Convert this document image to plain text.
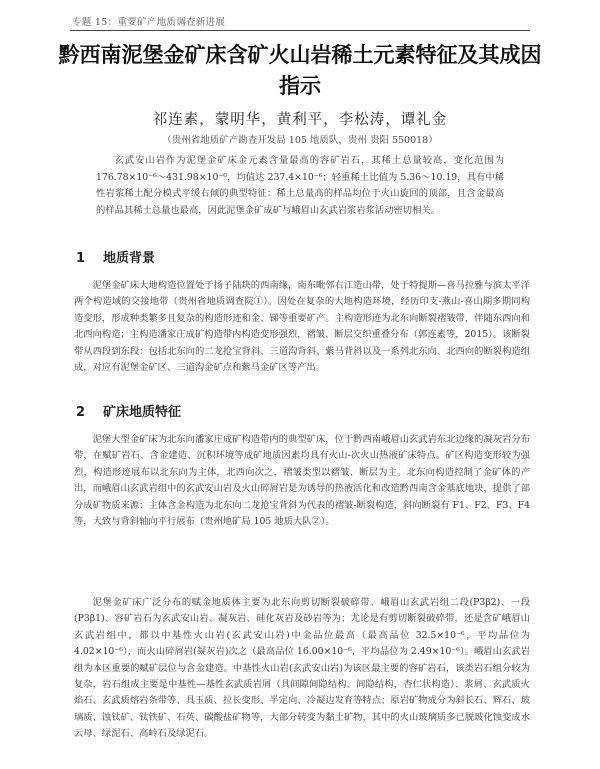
专题 15：重要矿产地质调查新进展
黔西南泥堡金矿床含矿火山岩稀土元素特征及其成因指示
祁连素，蒙明华，黄利平，李松涛，谭礼金
（贵州省地质矿产勘查开发局 105 地质队，贵州 贵阳 550018）
玄武安山岩作为泥堡金矿床金元素含量最高的容矿岩石，其稀土总量较高，变化范围为176.78×10⁻⁶～431.98×10⁻⁶，均值达 237.4×10⁻⁶；轻重稀土比值为 5.36～10.19，具有中稀性岩浆稀土配分模式平缓右倾的典型特征：稀土总量高的样品均位于火山旋回的顶部，且含金最高的样品其稀土总量也最高，因此泥堡金矿成矿与峨眉山玄武岩浆岩浆活动密切相关。
1 地质背景
泥堡金矿床大地构造位置处于扬子陆块的西南缘，南东毗邻右江造山带，处于特提斯—喜马拉雅与滨太平洋两个构造域的交接地带（贵州省地质调查院①）。因处在复杂的大地构造环境，经历印支-燕山-喜山期多期同构造变形，形成种类繁多且复杂的构造形迹和金、锑等重要矿产。主构造形迹为北东向断裂褶皱带，伴随东西向和北西向构造；主构造潘家庄成矿构造带内构造变形强烈，褶皱、断层交织重叠分布（郭连素等，2015）。该断裂带从西段到东段：包括北东向的二龙抢宝背斜、三道沟背斜、紫马背斜以及一系列北东向、北西向的断裂构造组成，对应有泥堡金矿区、三道沟金矿点和紫马金矿区等产出。
2 矿床地质特征
泥堡大型金矿床为北东向潘家庄成矿构造带内的典型矿床，位于黔西南峨眉山玄武岩东北边缘的凝灰岩分布带，在赋矿岩石、含金建造、沉积环境等成矿地质因素均具有火山-次火山热液矿床特点。矿区构造变形较为强烈，构造形迹展布以北东向为主体，北西向次之，褶皱类型以褶皱、断层为主。北东向构造控制了金矿体的产出，而峨眉山玄武岩组中的玄武安山岩及火山碎屑岩是为诱导的热液活化和改造黔西南含金基底地块，提供了部分成矿物质来源；主体含金构造为北东向二龙抢宝背斜为代表的褶皱-断裂构造，斜向断裂有 F1、F2、F3、F4 等，大致与背斜轴向平行展布（贵州地矿局 105 地质大队②）。
泥堡金矿床广泛分布的赋金地质体主要为北东向剪切断裂破碎带、峨眉山玄武岩组二段(P3β2)、一段(P3β1)、容矿岩石为玄武安山岩、凝灰岩、硅化灰岩及砂岩等为；尤论是有剪切断裂破碎带，还是含矿峨眉山玄武岩组中，都以中基性火山岩(玄武安山岩)中金品位最高（最高品位 32.5×10⁻⁶，平均品位为 4.02×10⁻⁶），而火山碎屑岩(凝灰岩)次之（最高品位 16.00×10⁻⁶，平均品位为 2.49×10⁻⁶）。峨眉山玄武岩组为本区重要的赋矿层位与含金建造。中基性火山岩(玄武安山岩)为该区最主要的容矿岩石，该类岩石组分较为复杂，岩石组成主要是中基性—基性玄武质岩屑（具间隙间隐结构、间隐结构，杏仁状构造）、浆屑、玄武质火焰石、玄武质熔岩条带等、具玉质、拉长变形、半定向、冷凝边发育等特点；原岩矿物成分为斜长石、辉石、玻璃质、蚀钛矿、钛铁矿、石英、碳酸盐矿物等，大部分转变为黏土矿物，其中的火山玻璃质多已脱玻化蚀变成水云母、绿泥石、高岭石及绿泥石。
